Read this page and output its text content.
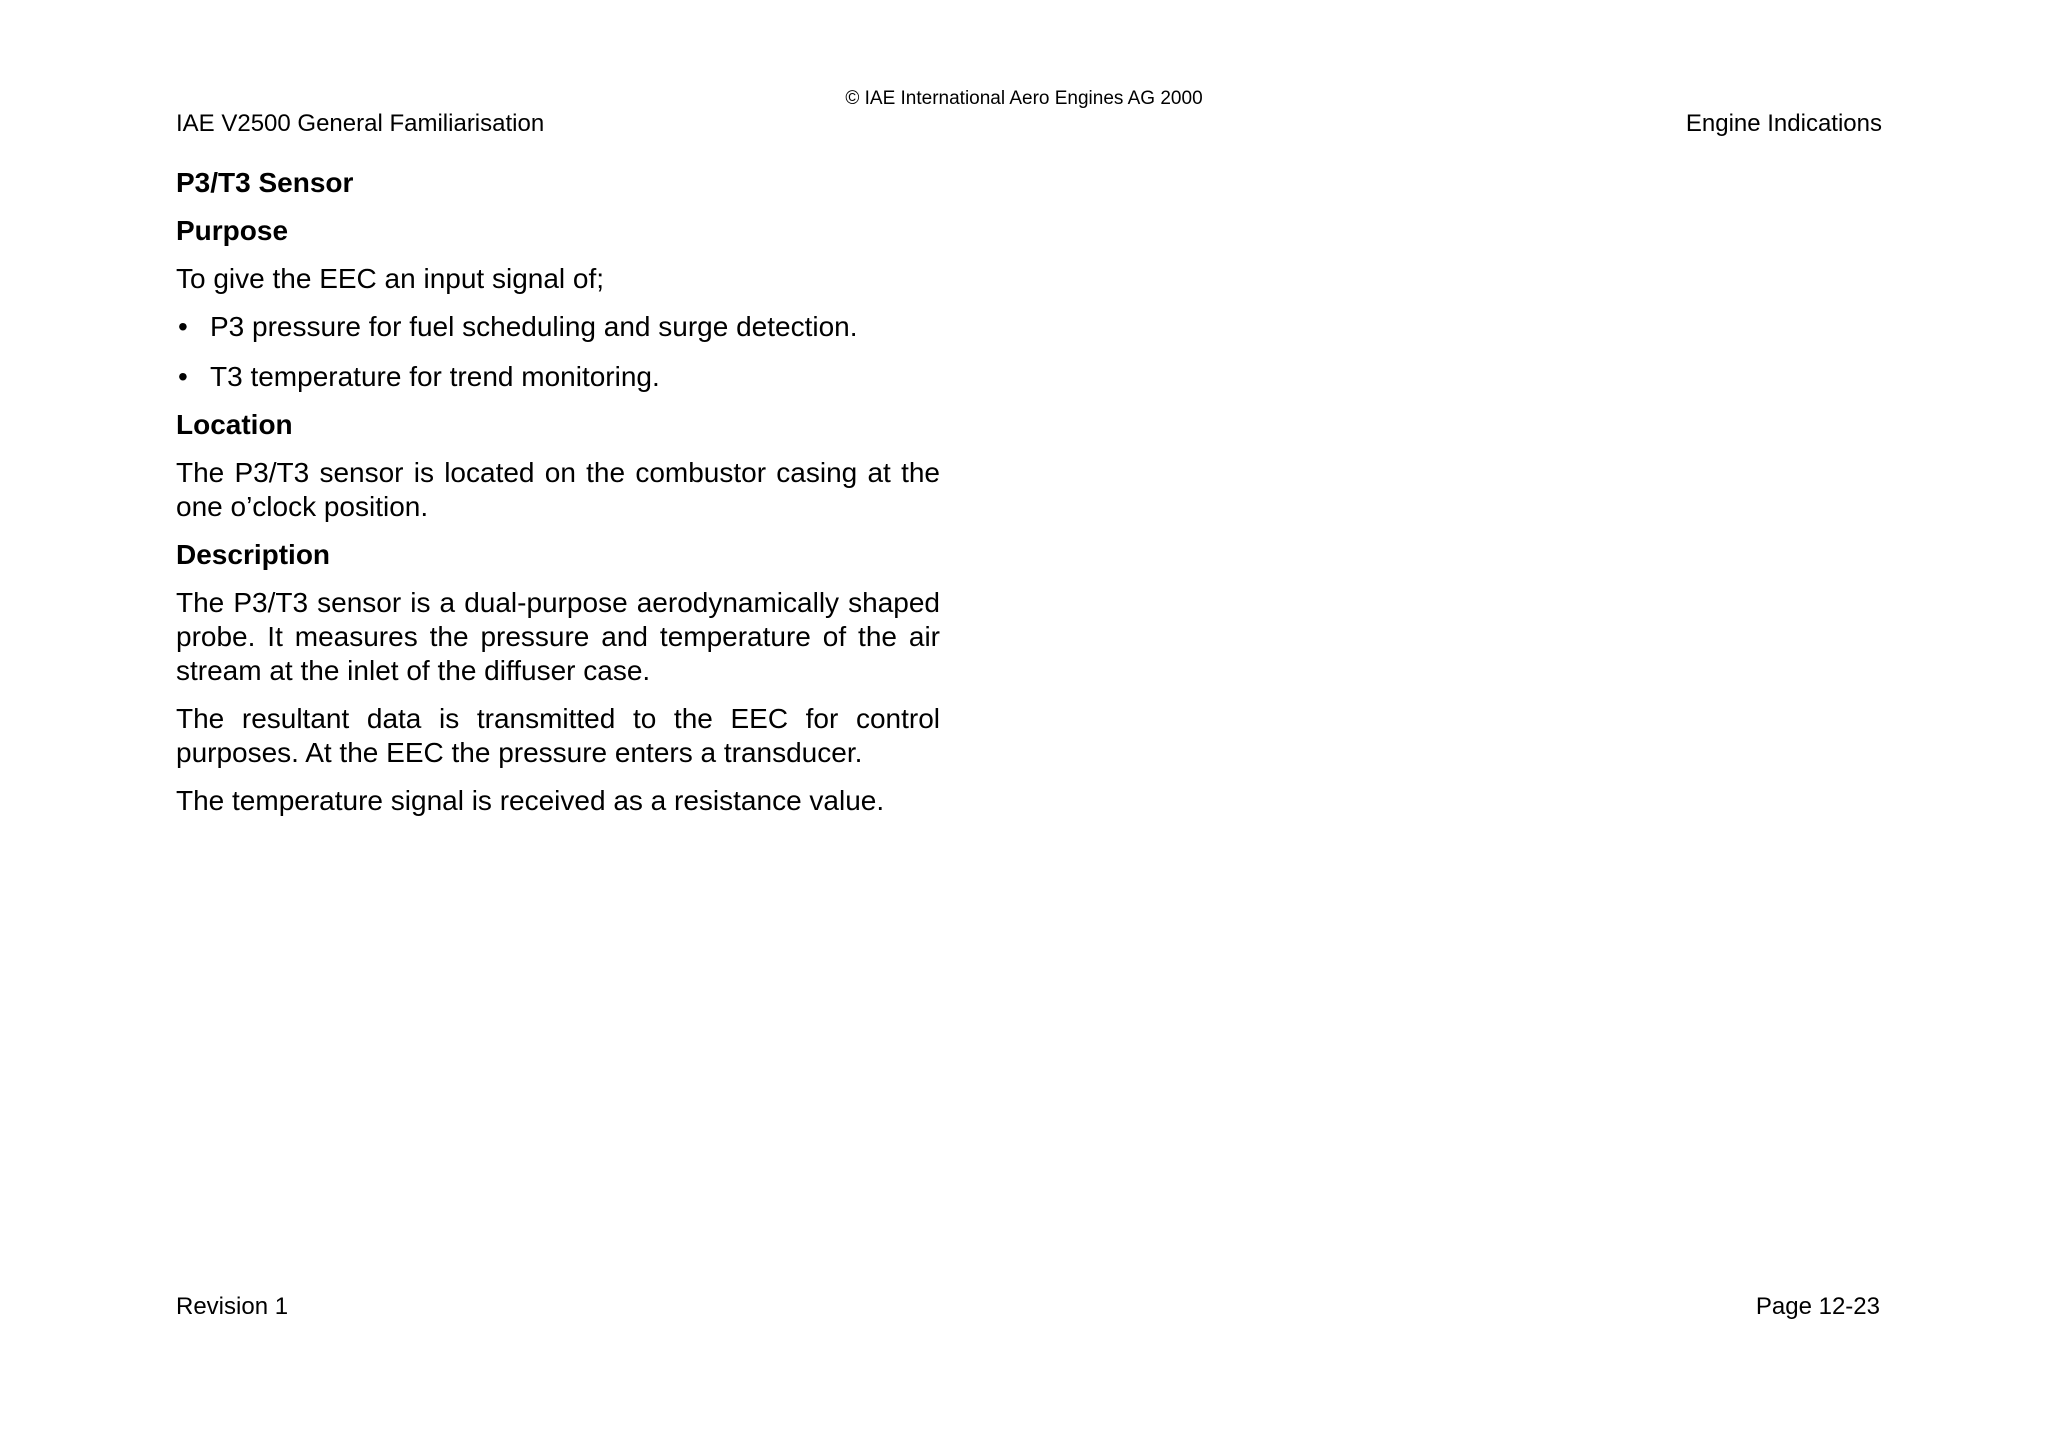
© IAE International Aero Engines AG 2000
IAE V2500 General Familiarisation	Engine Indications
P3/T3 Sensor
Purpose

To give the EEC an input signal of;

• P3 pressure for fuel scheduling and surge detection.
• T3 temperature for trend monitoring.
Location

The P3/T3 sensor is located on the combustor casing at the one o’clock position.

Description

The P3/T3 sensor is a dual-purpose aerodynamically shaped probe. It measures the pressure and temperature of the air stream at the inlet of the diffuser case.

The resultant data is transmitted to the EEC for control purposes. At the EEC the pressure enters a transducer.

The temperature signal is received as a resistance value.

Revision 1	Page 12-23
